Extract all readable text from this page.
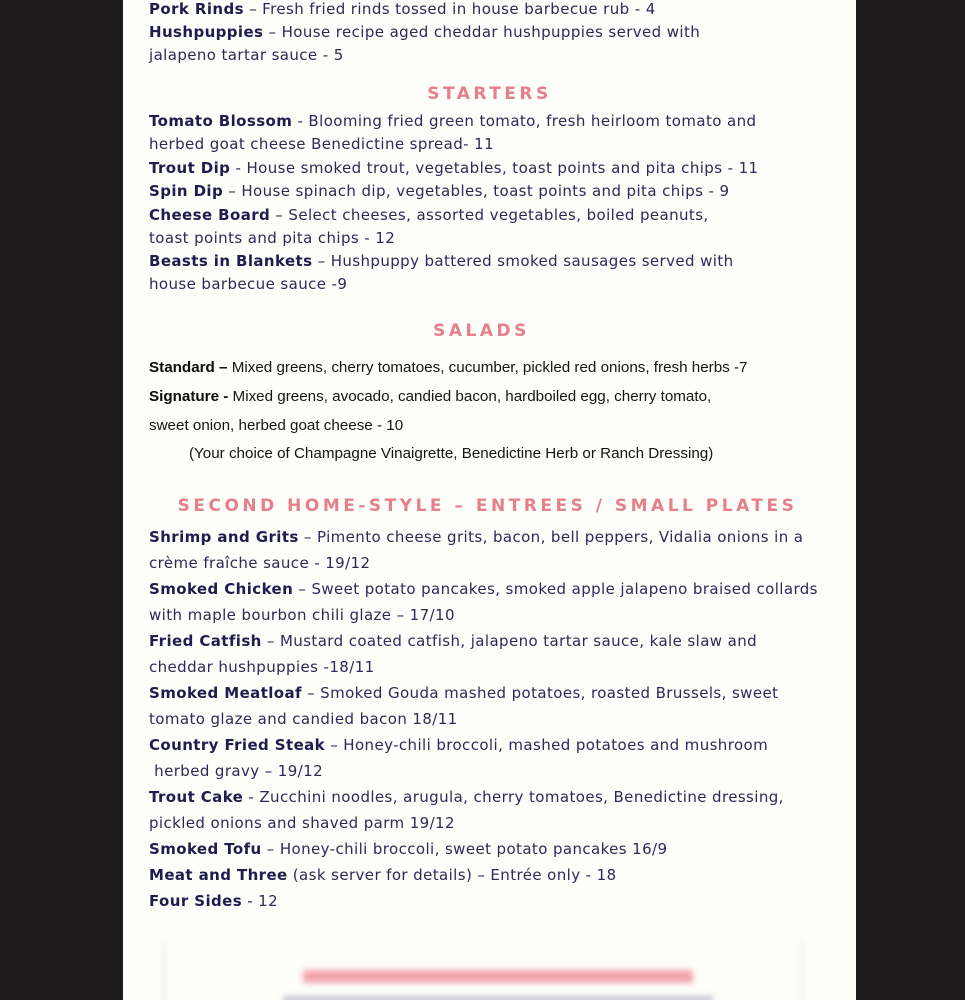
Pork Rinds – Fresh fried rinds tossed in house barbecue rub - 4
Hushpuppies – House recipe aged cheddar hushpuppies served with
jalapeno tartar sauce - 5
STARTERS
Tomato Blossom - Blooming fried green tomato, fresh heirloom tomato and
herbed goat cheese Benedictine spread- 11
Trout Dip - House smoked trout, vegetables, toast points and pita chips - 11
Spin Dip – House spinach dip, vegetables, toast points and pita chips - 9
Cheese Board – Select cheeses, assorted vegetables, boiled peanuts,
toast points and pita chips - 12
Beasts in Blankets – Hushpuppy battered smoked sausages served with
house barbecue sauce -9
SALADS
Standard – Mixed greens, cherry tomatoes, cucumber, pickled red onions, fresh herbs -7
Signature - Mixed greens, avocado, candied bacon, hardboiled egg, cherry tomato,
sweet onion, herbed goat cheese - 10
(Your choice of Champagne Vinaigrette, Benedictine Herb or Ranch Dressing)
SECOND HOME-STYLE – ENTREES / SMALL PLATES
Shrimp and Grits – Pimento cheese grits, bacon, bell peppers, Vidalia onions in a
crème fraîche sauce - 19/12
Smoked Chicken – Sweet potato pancakes, smoked apple jalapeno braised collards
with maple bourbon chili glaze – 17/10
Fried Catfish – Mustard coated catfish, jalapeno tartar sauce, kale slaw and
cheddar hushpuppies -18/11
Smoked Meatloaf – Smoked Gouda mashed potatoes, roasted Brussels, sweet
tomato glaze and candied bacon 18/11
Country Fried Steak – Honey-chili broccoli, mashed potatoes and mushroom
herbed gravy – 19/12
Trout Cake - Zucchini noodles, arugula, cherry tomatoes, Benedictine dressing,
pickled onions and shaved parm 19/12
Smoked Tofu – Honey-chili broccoli, sweet potato pancakes 16/9
Meat and Three (ask server for details) – Entrée only - 18
Four Sides - 12
